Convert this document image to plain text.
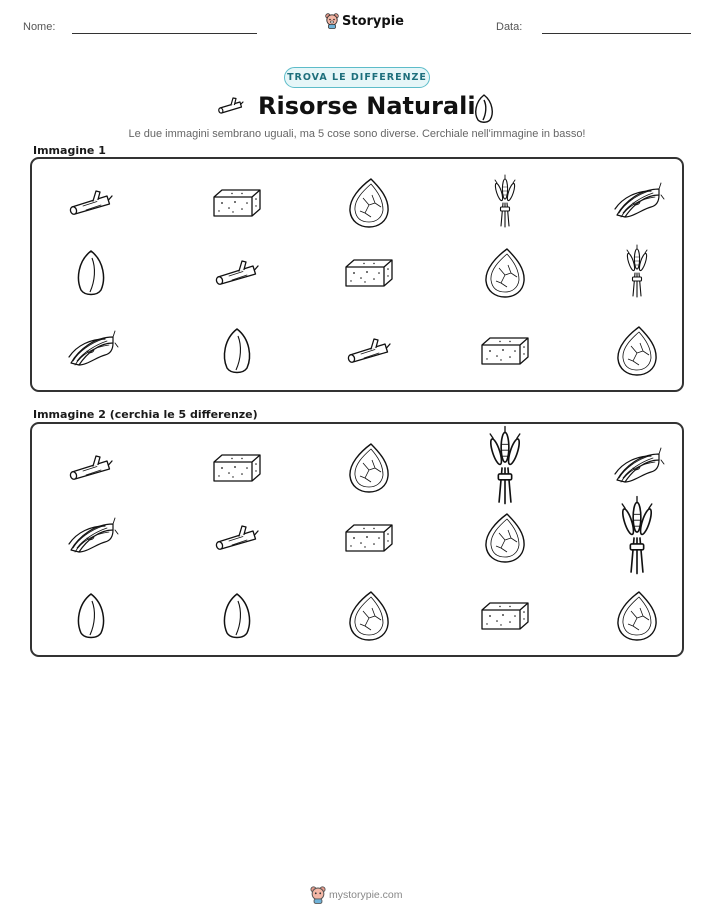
Nome:	Storypie	Data:
TROVA LE DIFFERENZE
Risorse Naturali
Le due immagini sembrano uguali, ma 5 cose sono diverse. Cerchiale nell'immagine in basso!
Immagine 1
Immagine 2 (cerchia le 5 differenze)
mystorypie.com
